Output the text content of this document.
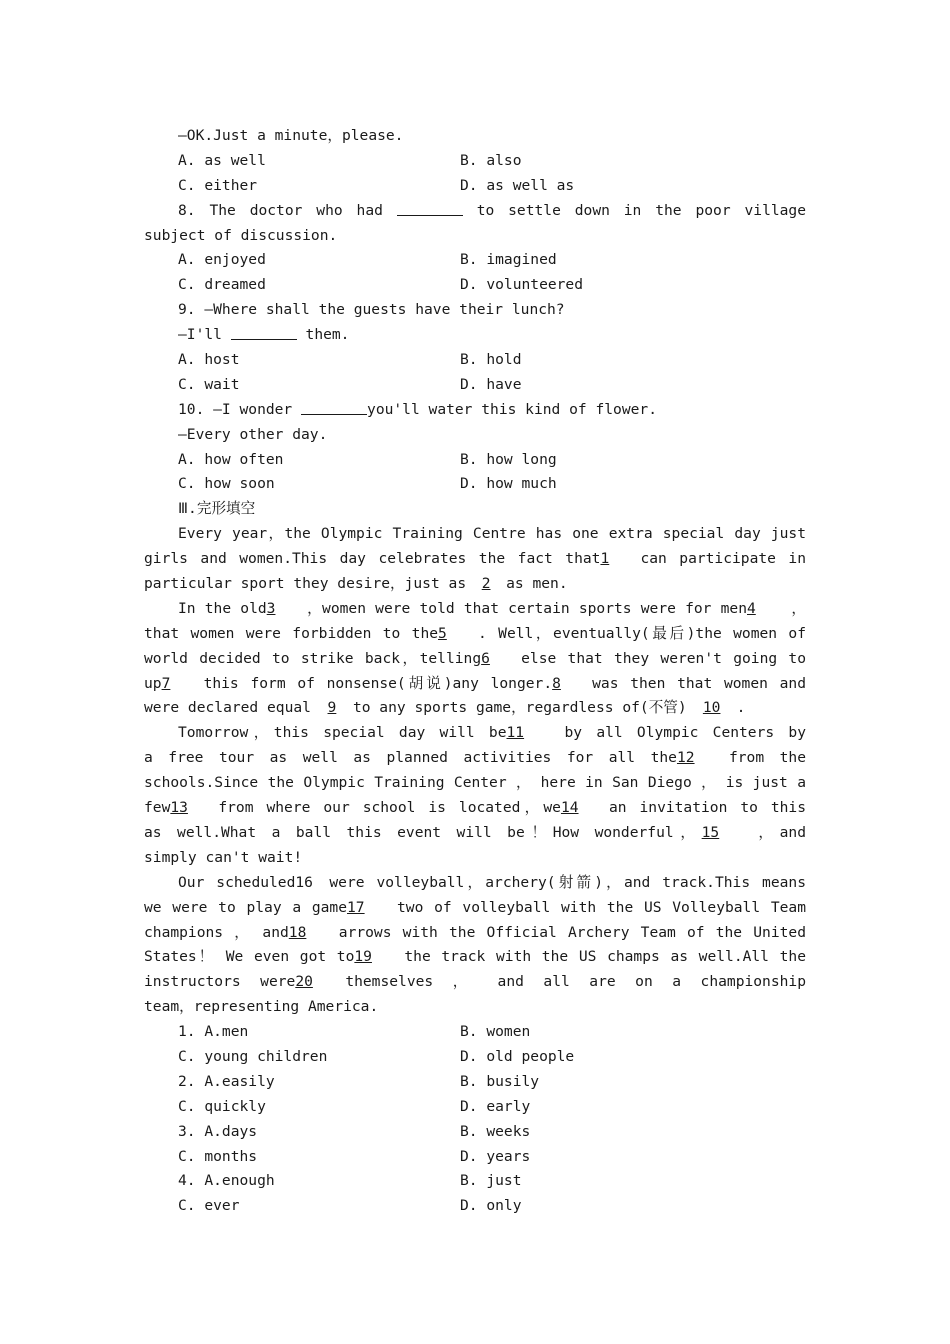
—OK.Just a minute，please.
A. as well	B. also
C. either	D. as well as
8. The doctor who had	to settle down in the poor village
subject of discussion.
A. enjoyed	B. imagined
C. dreamed	D. volunteered
9. —Where shall the guests have their lunch?
—I'll	them.
A. host	B. hold
C. wait	D. have
10. —I wonder	you'll water this kind of flower.
—Every other day.
A. how often	B. how long
C. how soon	D. how much
Ⅲ.完形填空
Every year，the Olympic Training Centre has one extra special day just
girls and women.This day celebrates the fact that1 can participate in
particular sport they desire，just as 2 as men.
In the old3 ，women were told that certain sports were for men4 ，
that women were forbidden to the5 . Well，eventually(最后)the women of
world decided to strike back，telling6 else that they weren't going to
up7 this form of nonsense(胡说)any longer.8 was then that women and
were declared equal 9 to any sports game，regardless of(不管) 10 .
Tomorrow，this special day will be11	by all Olympic Centers by
a free tour as well as planned activities for all the12 from the
schools.Since the Olympic Training Center ， here in San Diego ， is just a
few13 from where our school is located，we14 an invitation to this
as well.What a ball this event will be！How wonderful，15 ，and
simply can't wait!
Our scheduled16 were volleyball，archery(射箭)，and track.This means
we were to play a game17 two of volleyball with the US Volleyball Team
champions ， and18 arrows with the Official Archery Team of the United
States！ We even got to19 the track with the US champs as well.All the
instructors were20 themselves ， and all are on a championship
team，representing America.
1. A.men	B. women
C. young children	D. old people
2. A.easily	B. busily
C. quickly	D. early
3. A.days	B. weeks
C. months	D. years
4. A.enough	B. just
C. ever	D. only
